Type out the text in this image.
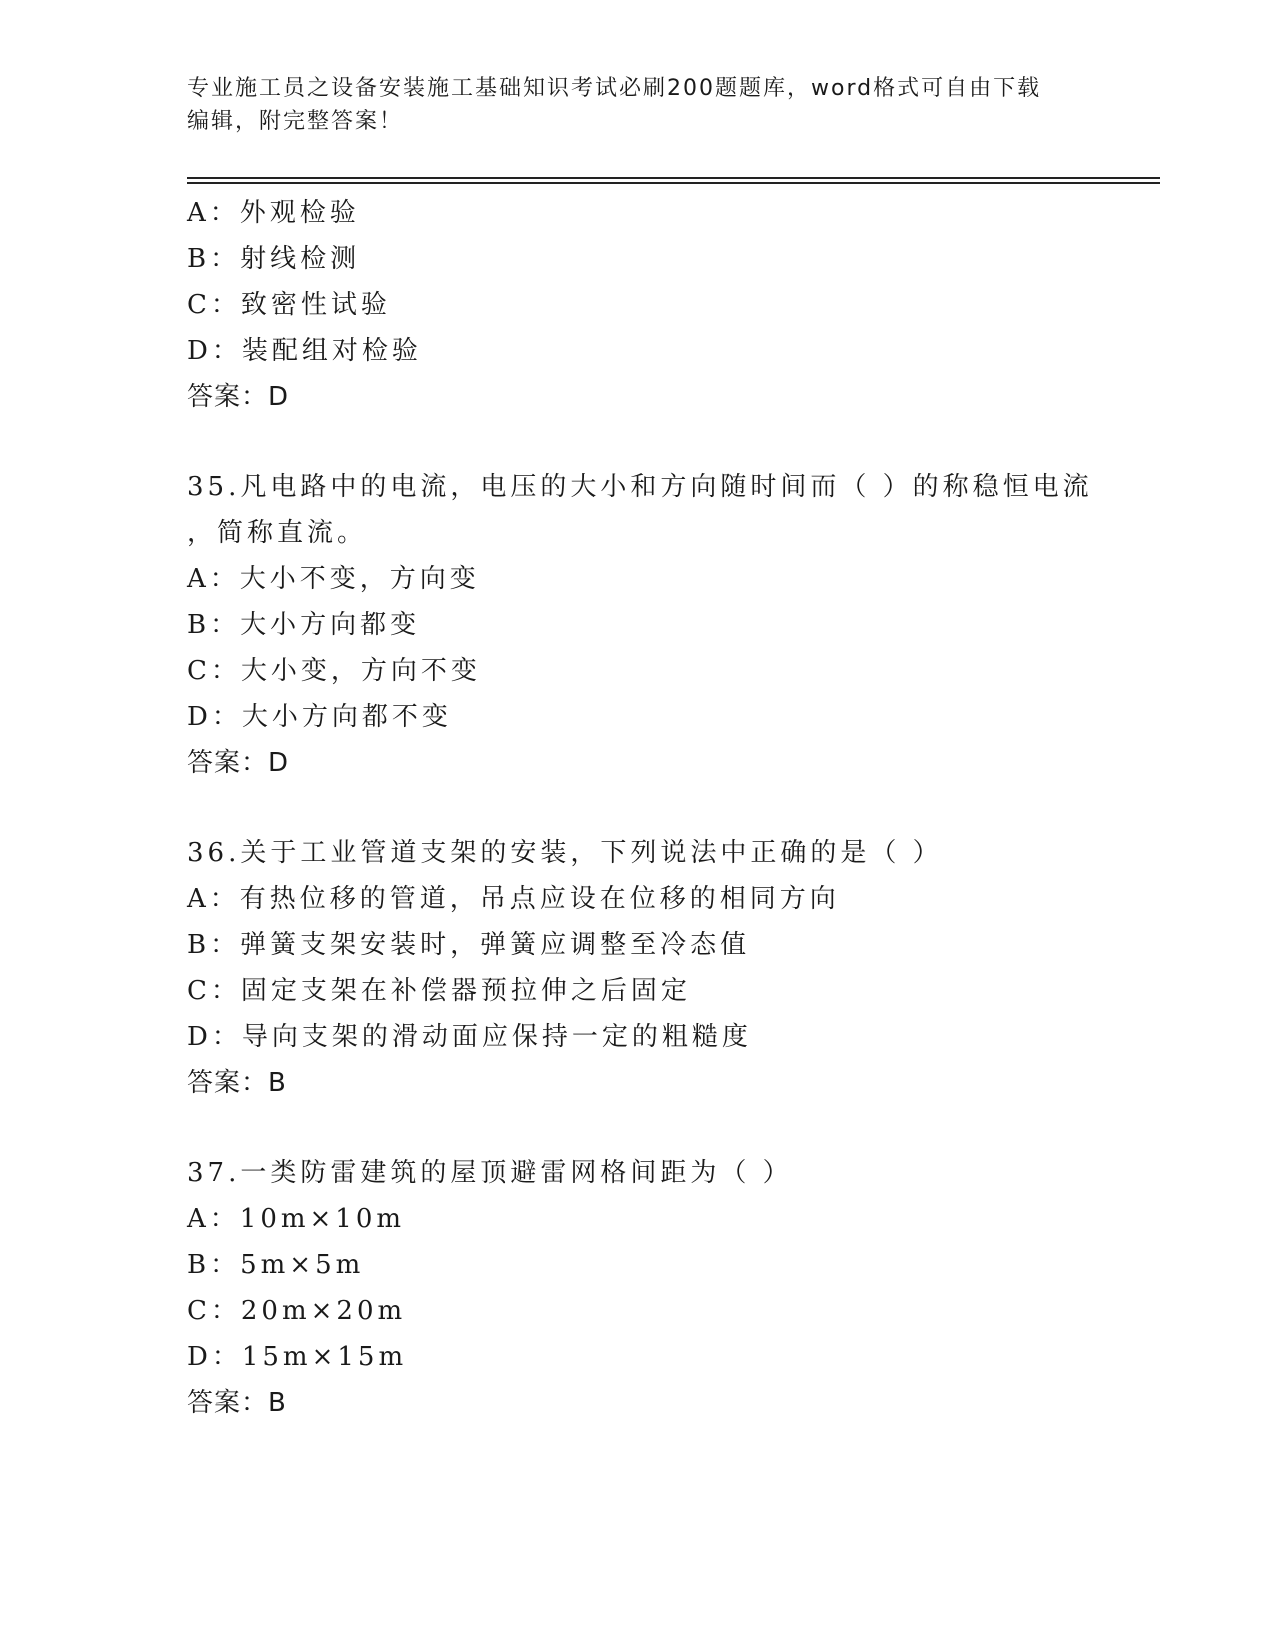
专业施工员之设备安装施工基础知识考试必刷200题题库，word格式可自由下载
编辑，附完整答案！
A：外观检验
B：射线检测
C：致密性试验
D：装配组对检验
答案：D
35.凡电路中的电流，电压的大小和方向随时间而（ ）的称稳恒电流
，简称直流。
A：大小不变，方向变
B：大小方向都变
C：大小变，方向不变
D：大小方向都不变
答案：D
36.关于工业管道支架的安装，下列说法中正确的是（ ）
A：有热位移的管道，吊点应设在位移的相同方向
B：弹簧支架安装时，弹簧应调整至冷态值
C：固定支架在补偿器预拉伸之后固定
D：导向支架的滑动面应保持一定的粗糙度
答案：B
37.一类防雷建筑的屋顶避雷网格间距为（ ）
A：10m×10m
B：5m×5m
C：20m×20m
D：15m×15m
答案：B
